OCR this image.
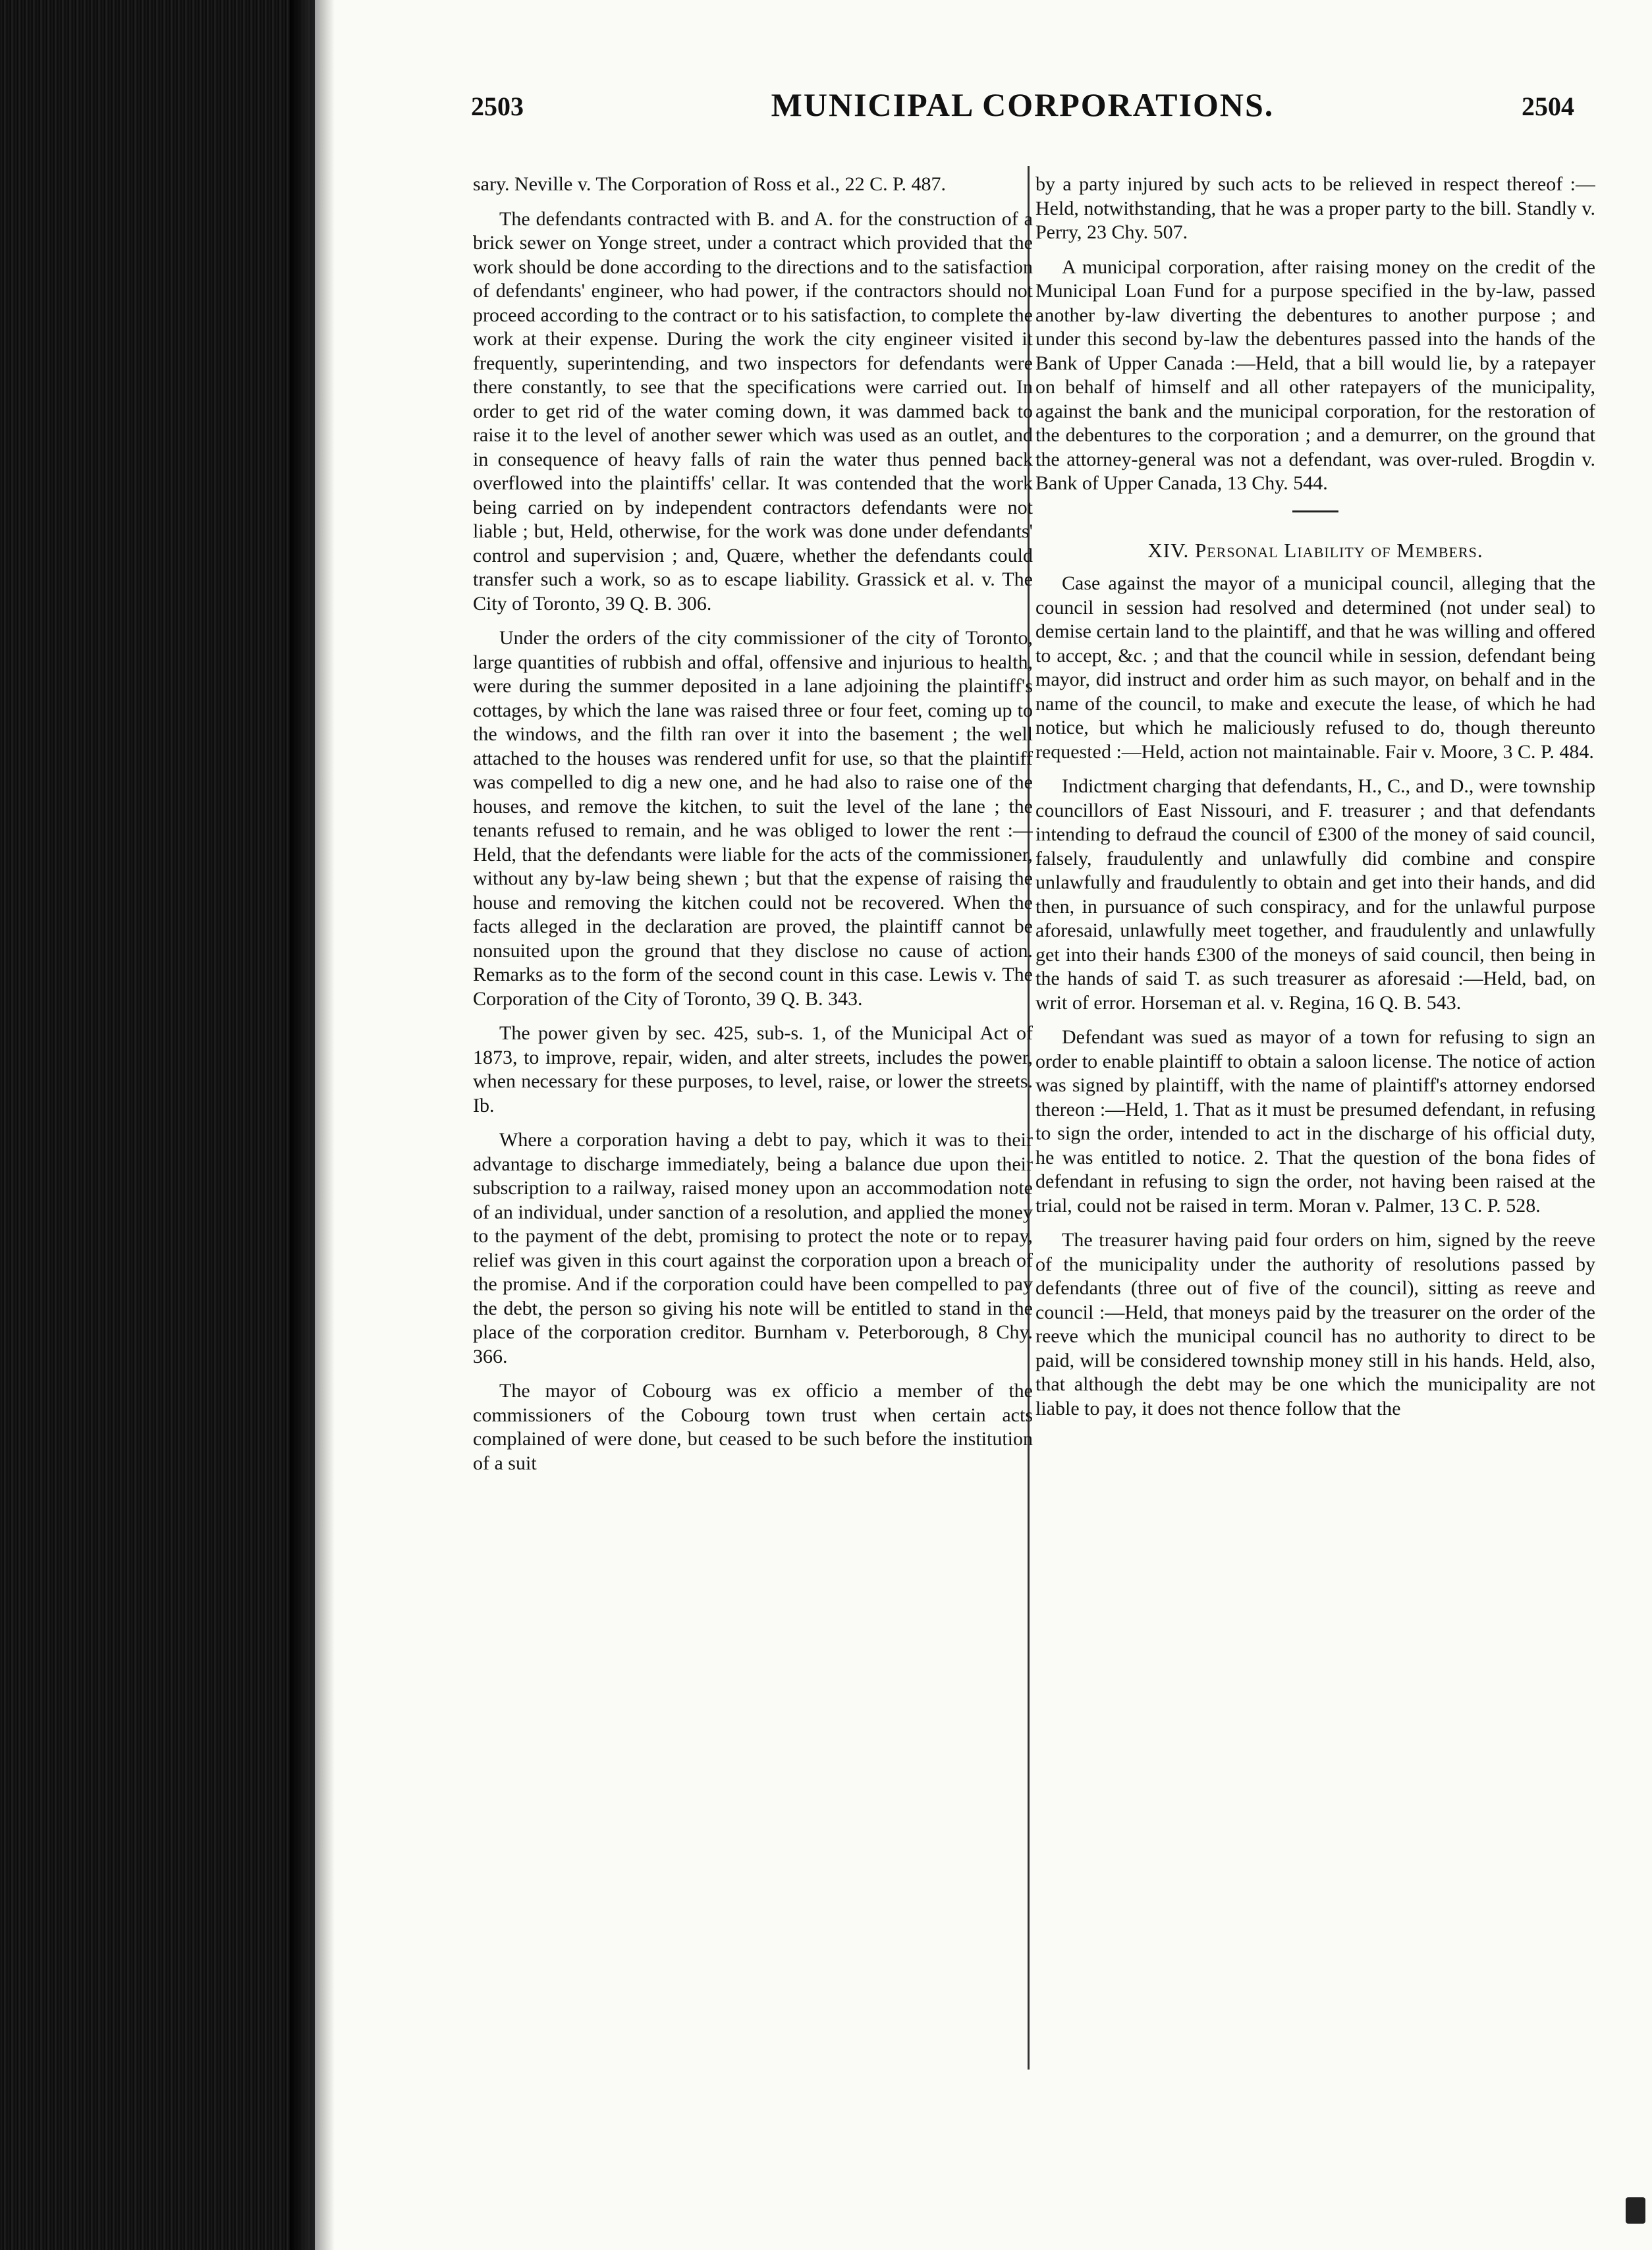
2503	MUNICIPAL CORPORATIONS.	2504

sary. Neville v. The Corporation of Ross et al., 22 C. P. 487.

The defendants contracted with B. and A. for the construction of a brick sewer on Yonge street, under a contract which provided that the work should be done according to the directions and to the satisfaction of defendants' engineer, who had power, if the contractors should not proceed according to the contract or to his satisfaction, to complete the work at their expense. During the work the city engineer visited it frequently, superintending, and two inspectors for defendants were there constantly, to see that the specifications were carried out. In order to get rid of the water coming down, it was dammed back to raise it to the level of another sewer which was used as an outlet, and in consequence of heavy falls of rain the water thus penned back overflowed into the plaintiffs' cellar. It was contended that the work being carried on by independent contractors defendants were not liable ; but, Held, otherwise, for the work was done under defendants' control and supervision ; and, Quære, whether the defendants could transfer such a work, so as to escape liability. Grassick et al. v. The City of Toronto, 39 Q. B. 306.

Under the orders of the city commissioner of the city of Toronto, large quantities of rubbish and offal, offensive and injurious to health, were during the summer deposited in a lane adjoining the plaintiff's cottages, by which the lane was raised three or four feet, coming up to the windows, and the filth ran over it into the basement ; the well attached to the houses was rendered unfit for use, so that the plaintiff was compelled to dig a new one, and he had also to raise one of the houses, and remove the kitchen, to suit the level of the lane ; the tenants refused to remain, and he was obliged to lower the rent :—Held, that the defendants were liable for the acts of the commissioner, without any by-law being shewn ; but that the expense of raising the house and removing the kitchen could not be recovered. When the facts alleged in the declaration are proved, the plaintiff cannot be nonsuited upon the ground that they disclose no cause of action. Remarks as to the form of the second count in this case. Lewis v. The Corporation of the City of Toronto, 39 Q. B. 343.

The power given by sec. 425, sub-s. 1, of the Municipal Act of 1873, to improve, repair, widen, and alter streets, includes the power, when necessary for these purposes, to level, raise, or lower the streets. Ib.

Where a corporation having a debt to pay, which it was to their advantage to discharge immediately, being a balance due upon their subscription to a railway, raised money upon an accommodation note of an individual, under sanction of a resolution, and applied the money to the payment of the debt, promising to protect the note or to repay, relief was given in this court against the corporation upon a breach of the promise. And if the corporation could have been compelled to pay the debt, the person so giving his note will be entitled to stand in the place of the corporation creditor. Burnham v. Peterborough, 8 Chy. 366.

The mayor of Cobourg was ex officio a member of the commissioners of the Cobourg town trust when certain acts complained of were done, but ceased to be such before the institution of a suit

by a party injured by such acts to be relieved in respect thereof :—Held, notwithstanding, that he was a proper party to the bill. Standly v. Perry, 23 Chy. 507.

A municipal corporation, after raising money on the credit of the Municipal Loan Fund for a purpose specified in the by-law, passed another by-law diverting the debentures to another purpose ; and under this second by-law the debentures passed into the hands of the Bank of Upper Canada :—Held, that a bill would lie, by a ratepayer on behalf of himself and all other ratepayers of the municipality, against the bank and the municipal corporation, for the restoration of the debentures to the corporation ; and a demurrer, on the ground that the attorney-general was not a defendant, was over-ruled. Brogdin v. Bank of Upper Canada, 13 Chy. 544.

XIV. Personal Liability of Members.

Case against the mayor of a municipal council, alleging that the council in session had resolved and determined (not under seal) to demise certain land to the plaintiff, and that he was willing and offered to accept, &c. ; and that the council while in session, defendant being mayor, did instruct and order him as such mayor, on behalf and in the name of the council, to make and execute the lease, of which he had notice, but which he maliciously refused to do, though thereunto requested :—Held, action not maintainable. Fair v. Moore, 3 C. P. 484.

Indictment charging that defendants, H., C., and D., were township councillors of East Nissouri, and F. treasurer ; and that defendants intending to defraud the council of £300 of the money of said council, falsely, fraudulently and unlawfully did combine and conspire unlawfully and fraudulently to obtain and get into their hands, and did then, in pursuance of such conspiracy, and for the unlawful purpose aforesaid, unlawfully meet together, and fraudulently and unlawfully get into their hands £300 of the moneys of said council, then being in the hands of said T. as such treasurer as aforesaid :—Held, bad, on writ of error. Horseman et al. v. Regina, 16 Q. B. 543.

Defendant was sued as mayor of a town for refusing to sign an order to enable plaintiff to obtain a saloon license. The notice of action was signed by plaintiff, with the name of plaintiff's attorney endorsed thereon :—Held, 1. That as it must be presumed defendant, in refusing to sign the order, intended to act in the discharge of his official duty, he was entitled to notice. 2. That the question of the bona fides of defendant in refusing to sign the order, not having been raised at the trial, could not be raised in term. Moran v. Palmer, 13 C. P. 528.

The treasurer having paid four orders on him, signed by the reeve of the municipality under the authority of resolutions passed by defendants (three out of five of the council), sitting as reeve and council :—Held, that moneys paid by the treasurer on the order of the reeve which the municipal council has no authority to direct to be paid, will be considered township money still in his hands. Held, also, that although the debt may be one which the municipality are not liable to pay, it does not thence follow that the
